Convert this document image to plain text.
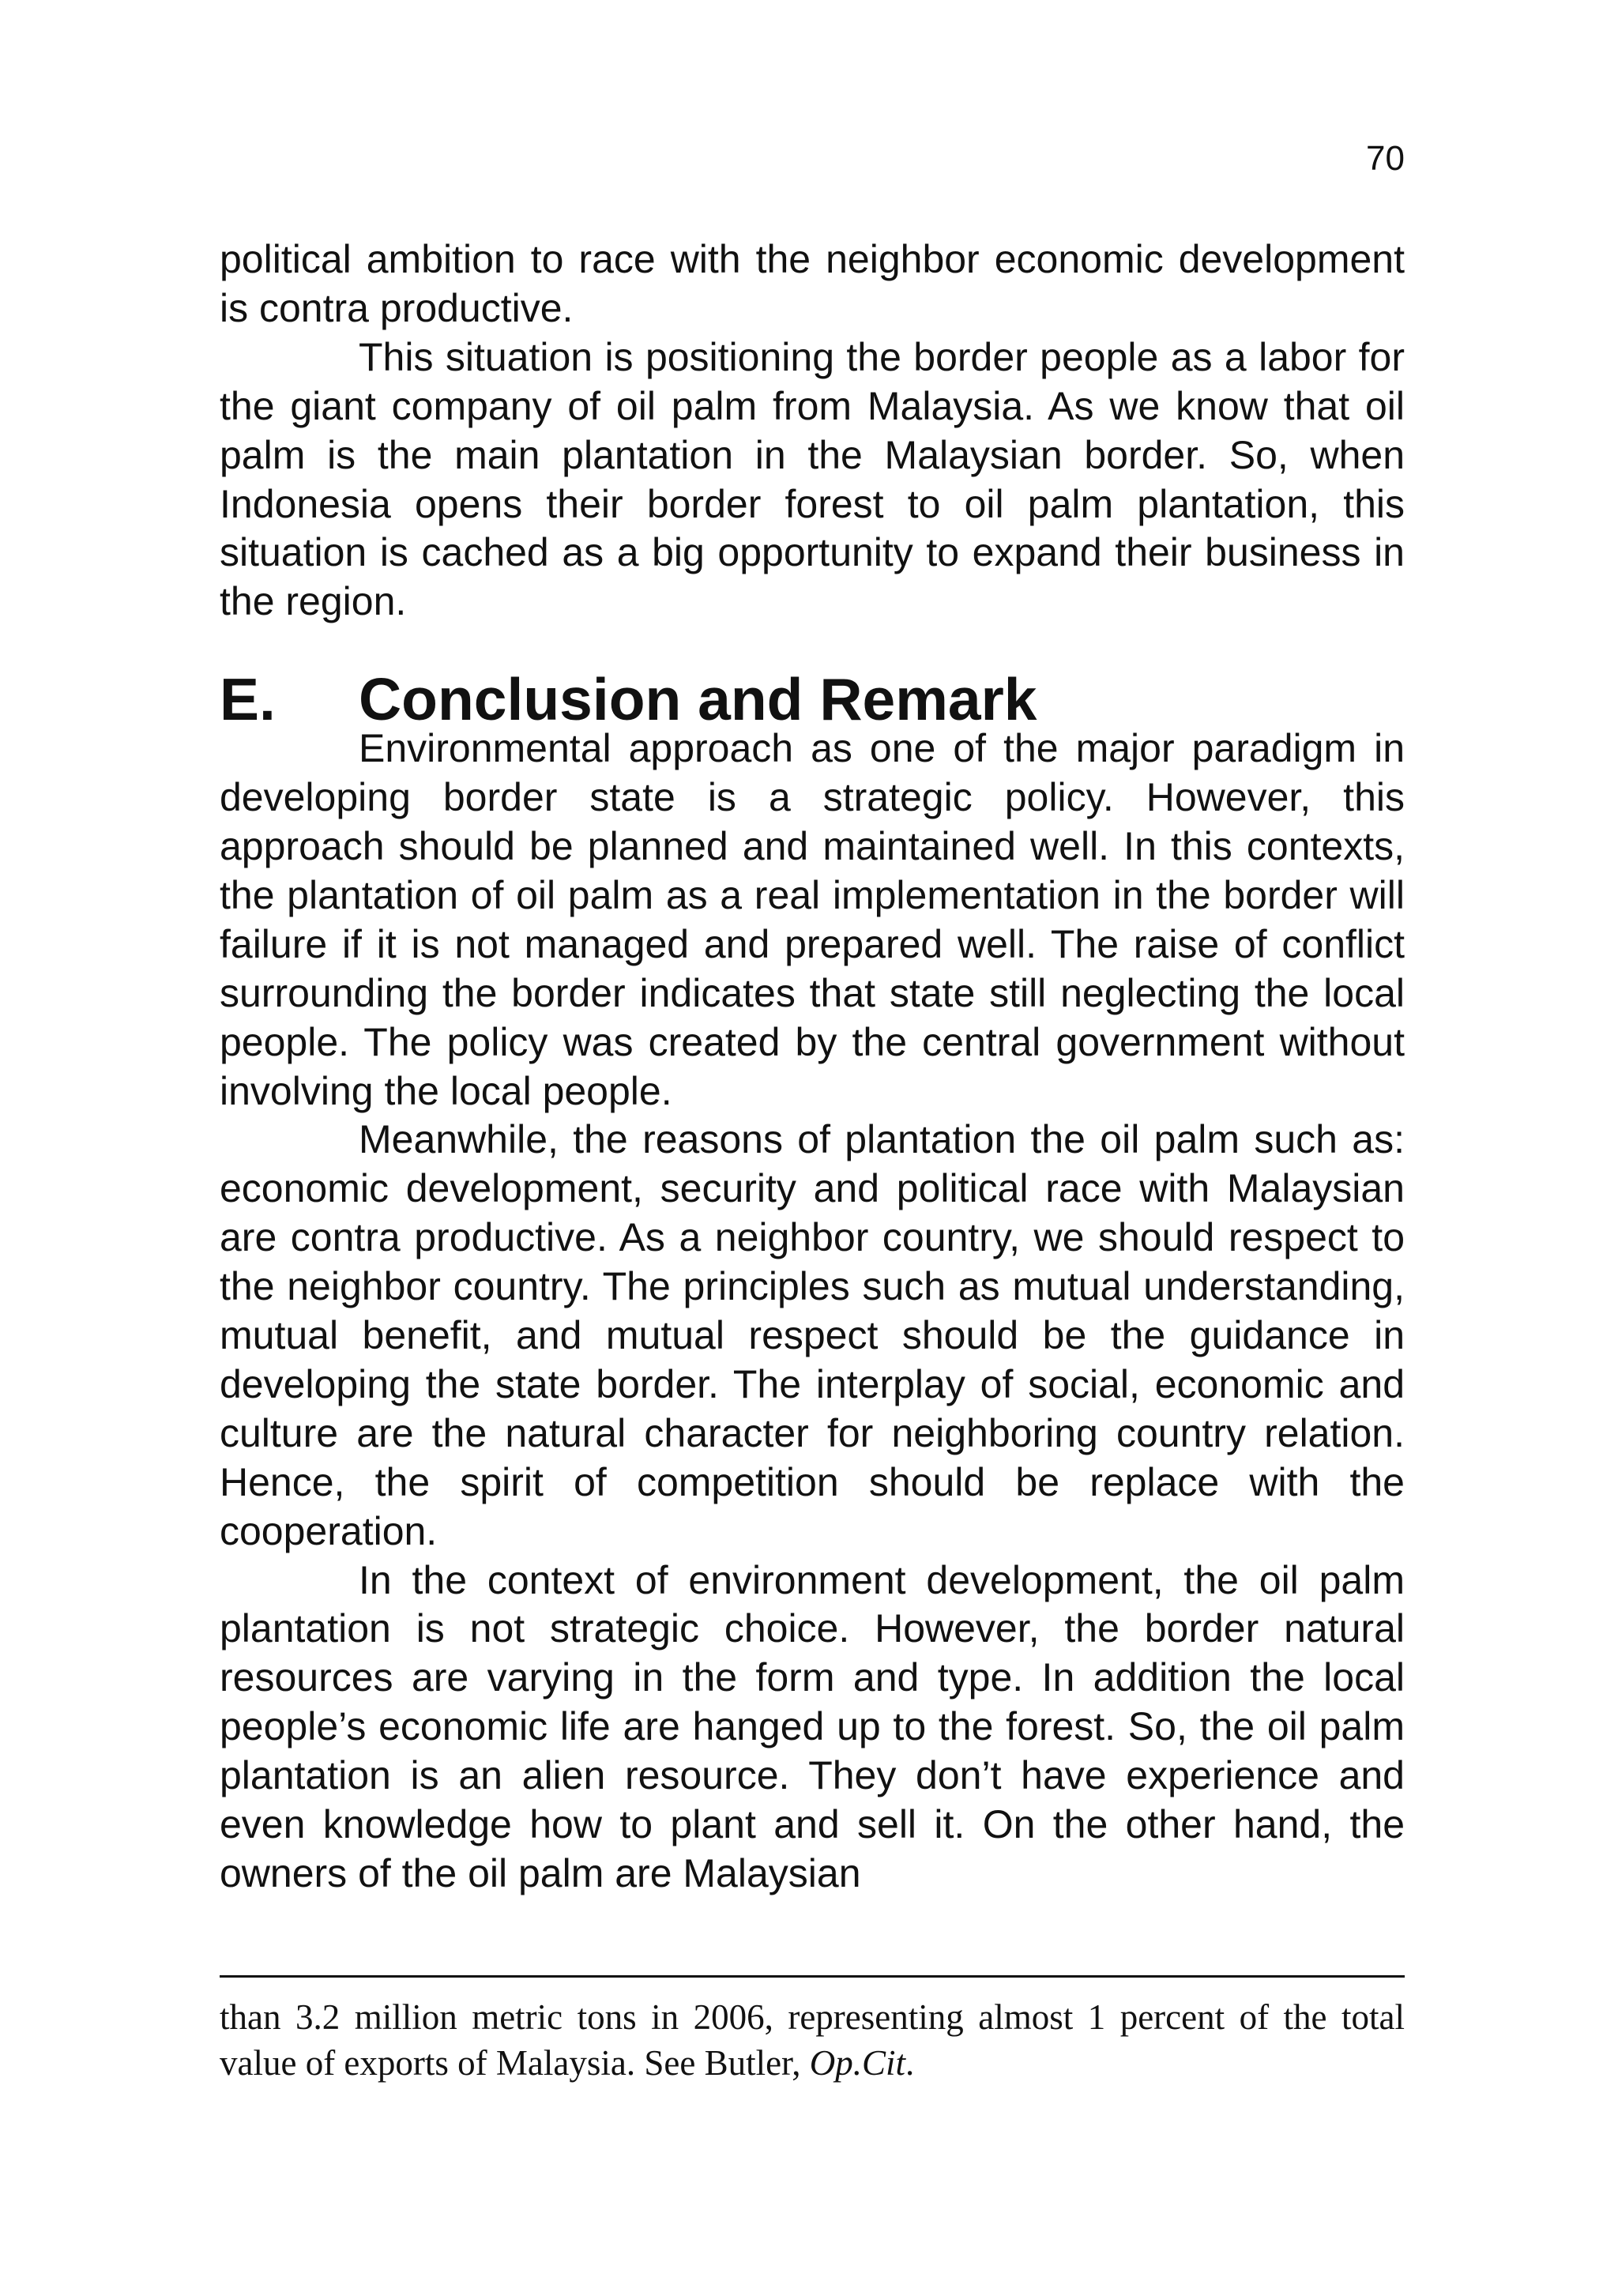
70

political ambition to race with the neighbor economic development is contra productive.

This situation is positioning the border people as a labor for the giant company of oil palm from Malaysia. As we know that oil palm is the main plantation in the Malaysian border. So, when Indonesia opens their border forest to oil palm plantation, this situation is cached as a big opportunity to expand their business in the region.

E.	Conclusion and Remark

Environmental approach as one of the major paradigm in developing border state is a strategic policy. However, this approach should be planned and maintained well. In this contexts, the plantation of oil palm as a real implementation in the border will failure if it is not managed and prepared well. The raise of conflict surrounding the border indicates that state still neglecting the local people. The policy was created by the central government without involving the local people.

Meanwhile, the reasons of plantation the oil palm such as: economic development, security and political race with Malaysian are contra productive. As a neighbor country, we should respect to the neighbor country. The principles such as mutual understanding, mutual benefit, and mutual respect should be the guidance in developing the state border. The interplay of social, economic and culture are the natural character for neighboring country relation. Hence, the spirit of competition should be replace with the cooperation.

In the context of environment development, the oil palm plantation is not strategic choice. However, the border natural resources are varying in the form and type. In addition the local people’s economic life are hanged up to the forest. So, the oil palm plantation is an alien resource. They don’t have experience and even knowledge how to plant and sell it. On the other hand, the owners of the oil palm are Malaysian

than 3.2 million metric tons in 2006, representing almost 1 percent of the total value of exports of Malaysia. See Butler, Op.Cit.
